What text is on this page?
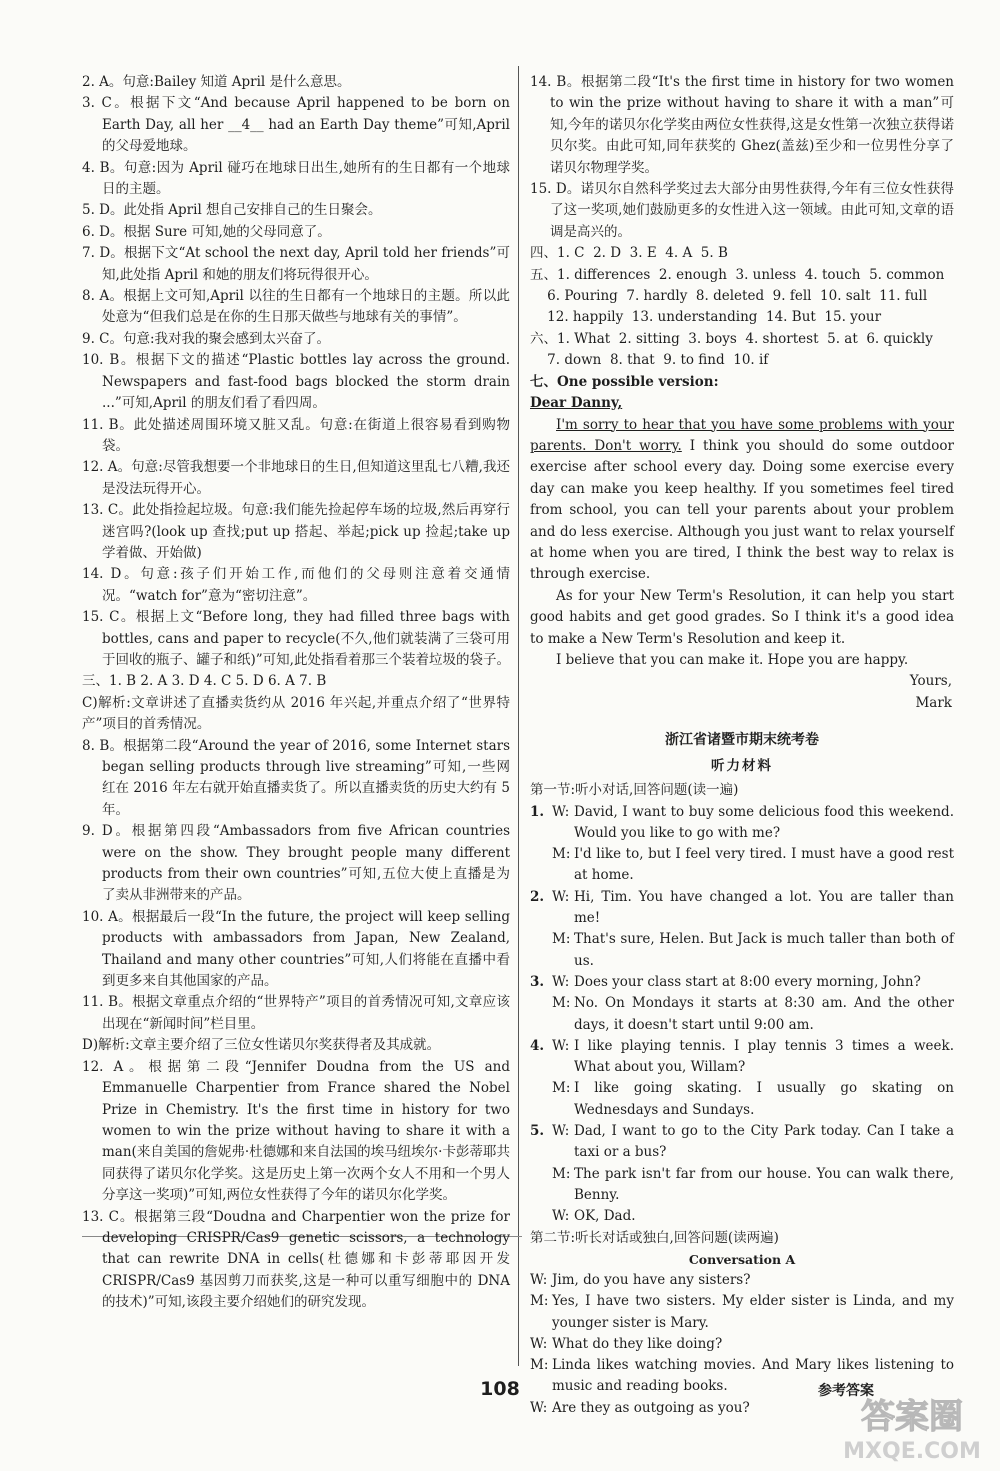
2. A。句意:Bailey 知道 April 是什么意思。

3. C。根据下文“And because April happened to be born on Earth Day, all her __4__ had an Earth Day theme”可知,April 的父母爱地球。

4. B。句意:因为 April 碰巧在地球日出生,她所有的生日都有一个地球日的主题。

5. D。此处指 April 想自己安排自己的生日聚会。

6. D。根据 Sure 可知,她的父母同意了。

7. D。根据下文“At school the next day, April told her friends”可知,此处指 April 和她的朋友们将玩得很开心。

8. A。根据上文可知,April 以往的生日都有一个地球日的主题。所以此处意为“但我们总是在你的生日那天做些与地球有关的事情”。

9. C。句意:我对我的聚会感到太兴奋了。

10. B。根据下文的描述“Plastic bottles lay across the ground. Newspapers and fast-food bags blocked the storm drain ...”可知,April 的朋友们看了看四周。

11. B。此处描述周围环境又脏又乱。句意:在街道上很容易看到购物袋。

12. A。句意:尽管我想要一个非地球日的生日,但知道这里乱七八糟,我还是没法玩得开心。

13. C。此处指捡起垃圾。句意:我们能先捡起停车场的垃圾,然后再穿行迷宫吗?(look up 查找;put up 搭起、举起;pick up 捡起;take up 学着做、开始做)

14. D。句意:孩子们开始工作,而他们的父母则注意着交通情况。“watch for”意为“密切注意”。

15. C。根据上文“Before long, they had filled three bags with bottles, cans and paper to recycle(不久,他们就装满了三袋可用于回收的瓶子、罐子和纸)”可知,此处指看着那三个装着垃圾的袋子。

三、1. B 2. A 3. D 4. C 5. D 6. A 7. B

C)解析:文章讲述了直播卖货约从 2016 年兴起,并重点介绍了“世界特产”项目的首秀情况。

8. B。根据第二段“Around the year of 2016, some Internet stars began selling products through live streaming”可知,一些网红在 2016 年左右就开始直播卖货了。所以直播卖货的历史大约有 5 年。

9. D。根据第四段“Ambassadors from five African countries were on the show. They brought people many different products from their own countries”可知,五位大使上直播是为了卖从非洲带来的产品。

10. A。根据最后一段“In the future, the project will keep selling products with ambassadors from Japan, New Zealand, Thailand and many other countries”可知,人们将能在直播中看到更多来自其他国家的产品。

11. B。根据文章重点介绍的“世界特产”项目的首秀情况可知,文章应该出现在“新闻时间”栏目里。

D)解析:文章主要介绍了三位女性诺贝尔奖获得者及其成就。

12. A。根据第二段“Jennifer Doudna from the US and Emmanuelle Charpentier from France shared the Nobel Prize in Chemistry. It's the first time in history for two women to win the prize without having to share it with a man(来自美国的詹妮弗·杜德娜和来自法国的埃马纽埃尔·卡彭蒂耶共同获得了诺贝尔化学奖。这是历史上第一次两个女人不用和一个男人分享这一奖项)”可知,两位女性获得了今年的诺贝尔化学奖。

13. C。根据第三段“Doudna and Charpentier won the prize for developing CRISPR/Cas9 genetic scissors, a technology that can rewrite DNA in cells(杜德娜和卡彭蒂耶因开发 CRISPR/Cas9 基因剪刀而获奖,这是一种可以重写细胞中的 DNA 的技术)”可知,该段主要介绍她们的研究发现。

14. B。根据第二段“It's the first time in history for two women to win the prize without having to share it with a man”可知,今年的诺贝尔化学奖由两位女性获得,这是女性第一次独立获得诺贝尔奖。由此可知,同年获奖的 Ghez(盖兹)至少和一位男性分享了诺贝尔物理学奖。

15. D。诺贝尔自然科学奖过去大部分由男性获得,今年有三位女性获得了这一奖项,她们鼓励更多的女性进入这一领域。由此可知,文章的语调是高兴的。

四、1. C  2. D  3. E  4. A  5. B

五、1. differences  2. enough  3. unless  4. touch  5. common

6. Pouring  7. hardly  8. deleted  9. fell  10. salt  11. full

12. happily  13. understanding  14. But  15. your

六、1. What  2. sitting  3. boys  4. shortest  5. at  6. quickly

7. down  8. that  9. to find  10. if

七、One possible version:

Dear Danny,

I'm sorry to hear that you have some problems with your parents. Don't worry. I think you should do some outdoor exercise after school every day. Doing some exercise every day can make you keep healthy. If you sometimes feel tired from school, you can tell your parents about your problem and do less exercise. Although you just want to relax yourself at home when you are tired, I think the best way to relax is through exercise.

As for your New Term's Resolution, it can help you start good habits and get good grades. So I think it's a good idea to make a New Term's Resolution and keep it.

I believe that you can make it. Hope you are happy.

Yours,

Mark

浙江省诸暨市期末统考卷

听力材料

第一节:听小对话,回答问题(读一遍)

1. W: David, I want to buy some delicious food this weekend. Would you like to go with me?
M: I'd like to, but I feel very tired. I must have a good rest at home.
2. W: Hi, Tim. You have changed a lot. You are taller than me!
M: That's sure, Helen. But Jack is much taller than both of us.
3. W: Does your class start at 8:00 every morning, John?
M: No. On Mondays it starts at 8:30 am. And the other days, it doesn't start until 9:00 am.
4. W: I like playing tennis. I play tennis 3 times a week. What about you, Willam?
M: I like going skating. I usually go skating on Wednesdays and Sundays.
5. W: Dad, I want to go to the City Park today. Can I take a taxi or a bus?
M: The park isn't far from our house. You can walk there, Benny.
W: OK, Dad.

第二节:听长对话或独白,回答问题(读两遍)

Conversation A

W: Jim, do you have any sisters?
M: Yes, I have two sisters. My elder sister is Linda, and my younger sister is Mary.
W: What do they like doing?
M: Linda likes watching movies. And Mary likes listening to music and reading books.
W: Are they as outgoing as you?
108	参考答案
答案圈
MXQE.COM
